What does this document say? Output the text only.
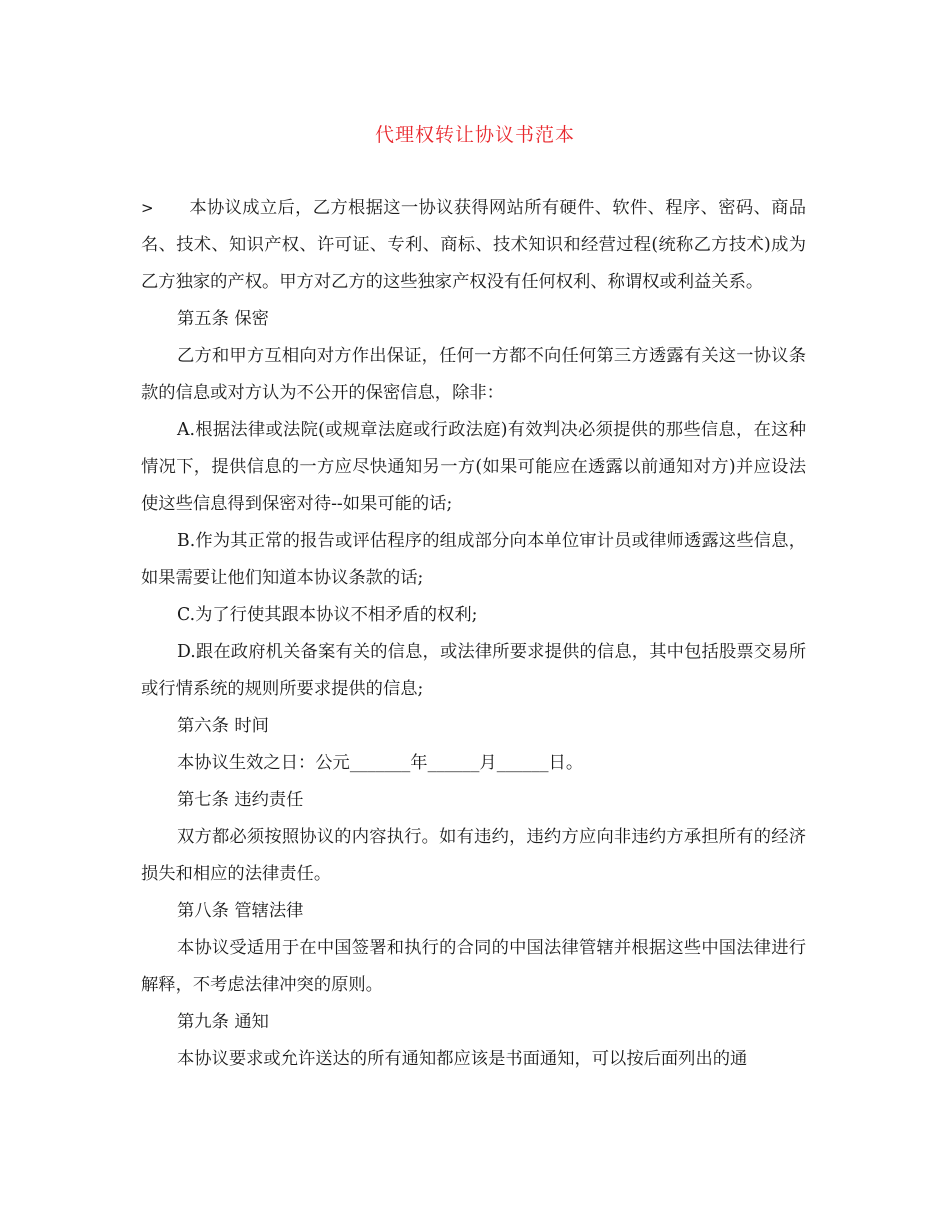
代理权转让协议书范本

> 本协议成立后，乙方根据这一协议获得网站所有硬件、软件、程序、密码、商品名、技术、知识产权、许可证、专利、商标、技术知识和经营过程(统称乙方技术)成为乙方独家的产权。甲方对乙方的这些独家产权没有任何权利、称谓权或利益关系。

第五条 保密

乙方和甲方互相向对方作出保证，任何一方都不向任何第三方透露有关这一协议条款的信息或对方认为不公开的保密信息，除非：

A.根据法律或法院(或规章法庭或行政法庭)有效判决必须提供的那些信息，在这种情况下，提供信息的一方应尽快通知另一方(如果可能应在透露以前通知对方)并应设法使这些信息得到保密对待--如果可能的话;

B.作为其正常的报告或评估程序的组成部分向本单位审计员或律师透露这些信息，如果需要让他们知道本协议条款的话;

C.为了行使其跟本协议不相矛盾的权利;

D.跟在政府机关备案有关的信息，或法律所要求提供的信息，其中包括股票交易所或行情系统的规则所要求提供的信息;

第六条 时间

本协议生效之日：公元_______年______月______日。

第七条 违约责任

双方都必须按照协议的内容执行。如有违约，违约方应向非违约方承担所有的经济损失和相应的法律责任。

第八条 管辖法律

本协议受适用于在中国签署和执行的合同的中国法律管辖并根据这些中国法律进行解释，不考虑法律冲突的原则。

第九条 通知

本协议要求或允许送达的所有通知都应该是书面通知，可以按后面列出的通
